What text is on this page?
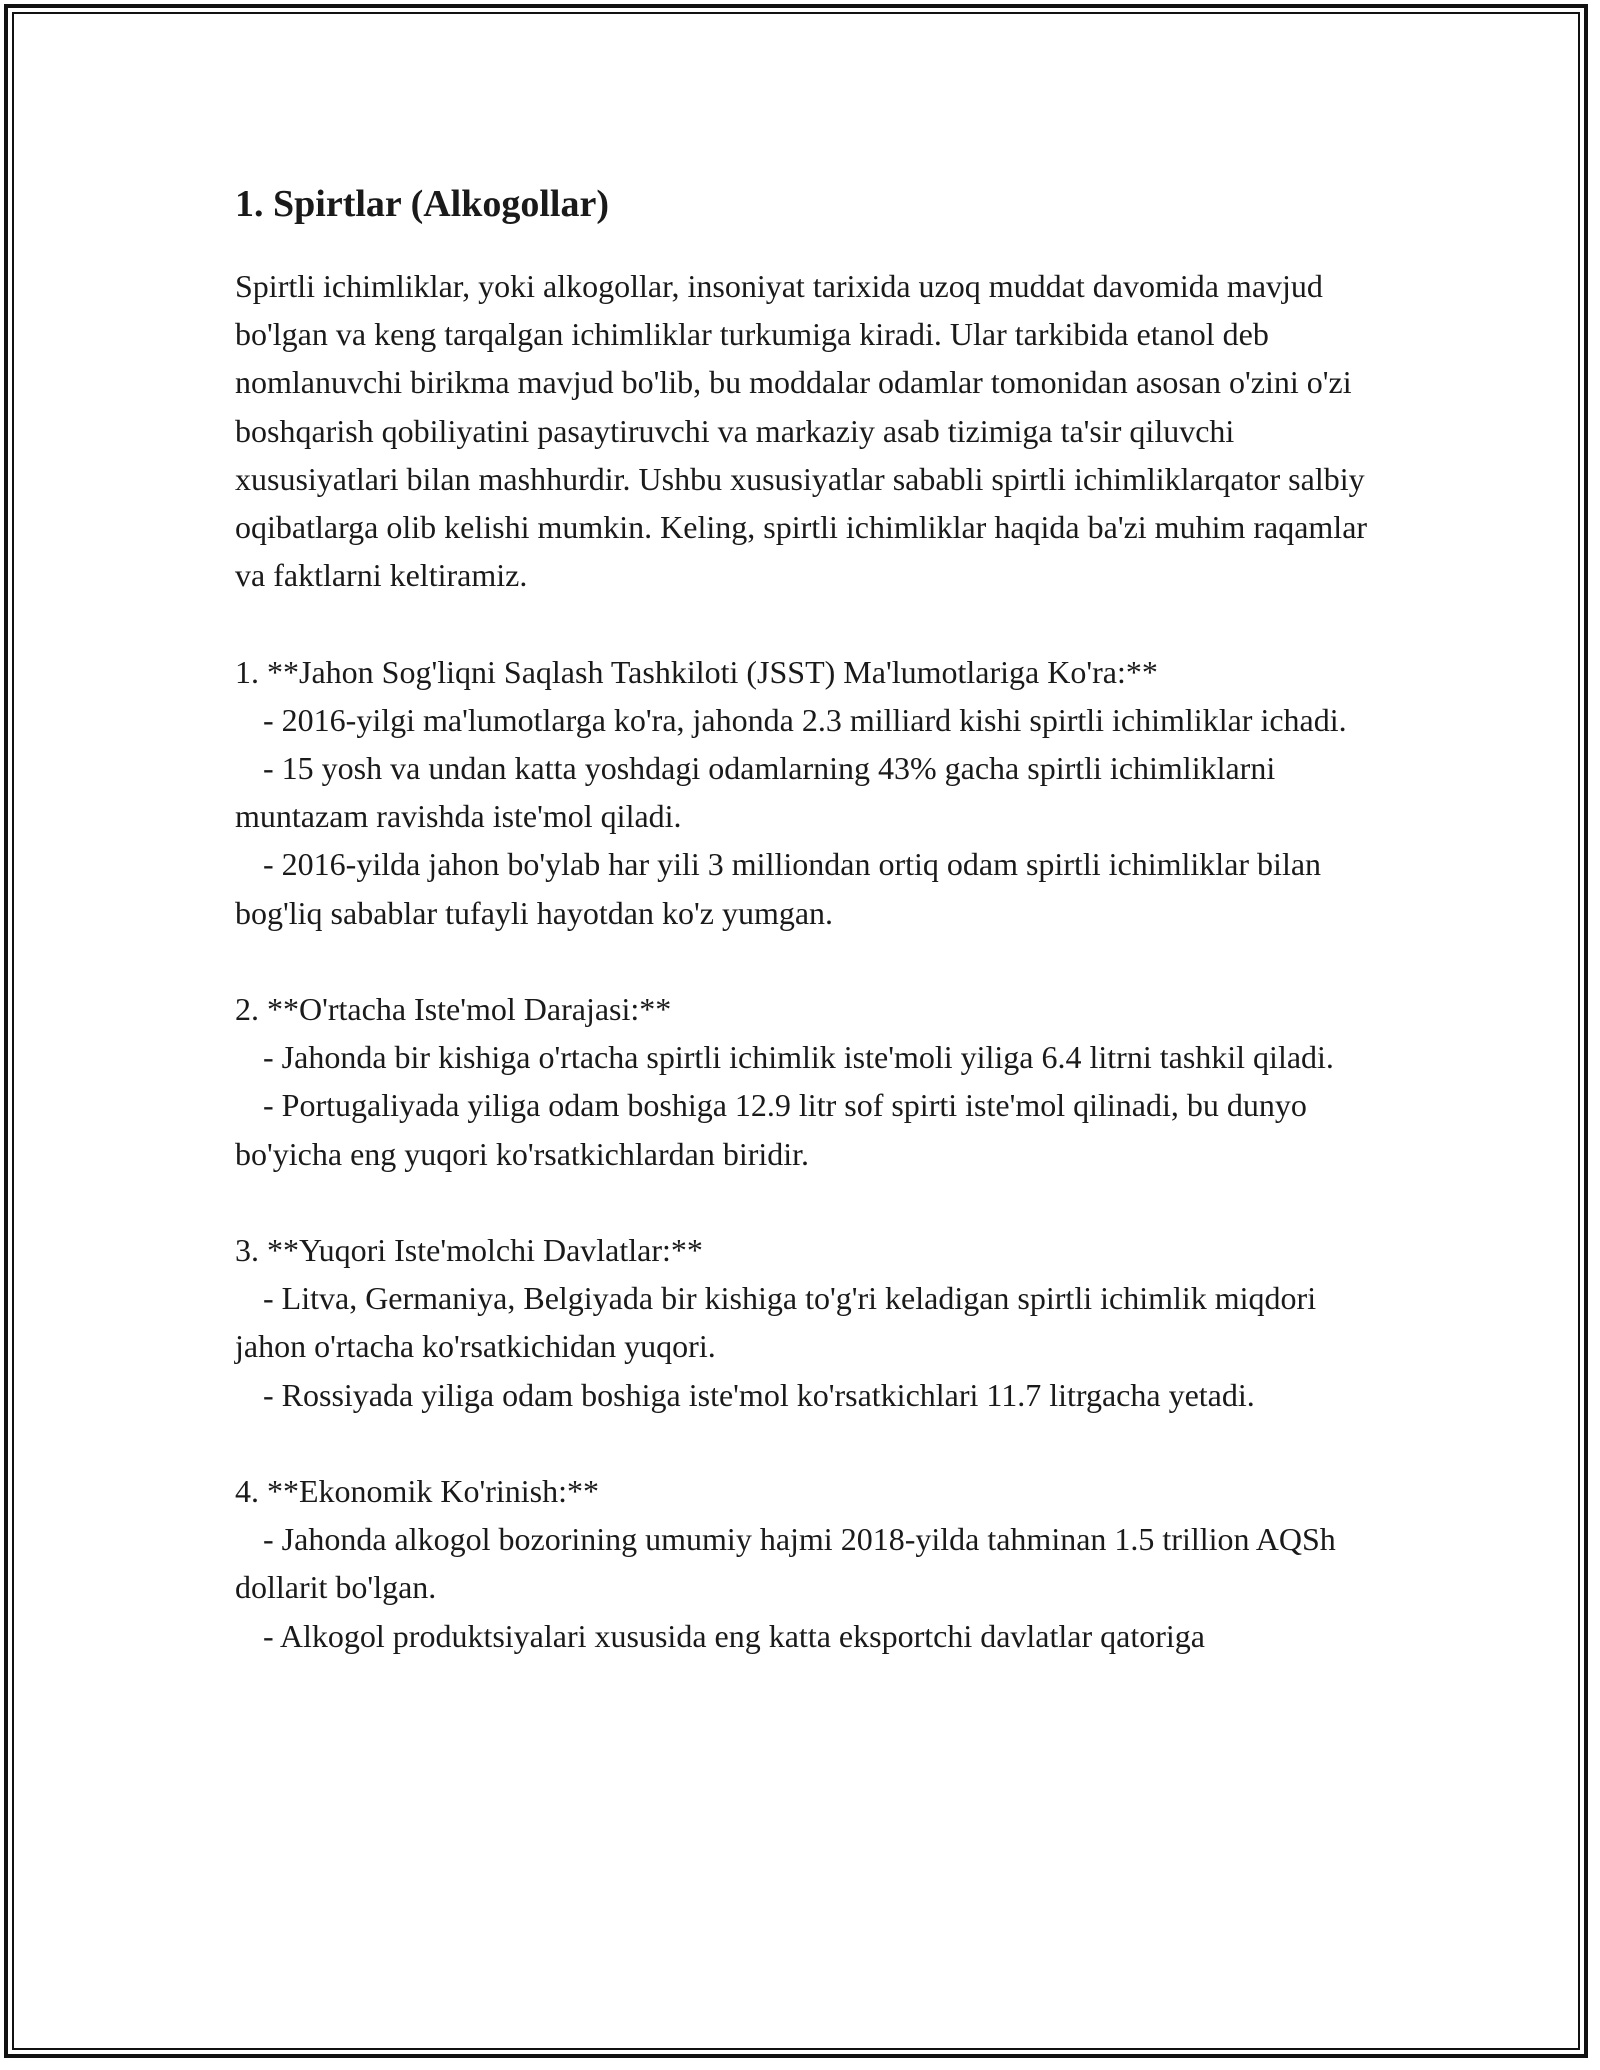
1. Spirtlar (Alkogollar)

Spirtli ichimliklar, yoki alkogollar, insoniyat tarixida uzoq muddat davomida mavjud bo'lgan va keng tarqalgan ichimliklar turkumiga kiradi. Ular tarkibida etanol deb nomlanuvchi birikma mavjud bo'lib, bu moddalar odamlar tomonidan asosan o'zini o'zi boshqarish qobiliyatini pasaytiruvchi va markaziy asab tizimiga ta'sir qiluvchi xususiyatlari bilan mashhurdir. Ushbu xususiyatlar sababli spirtli ichimliklarqator salbiy oqibatlarga olib kelishi mumkin. Keling, spirtli ichimliklar haqida ba'zi muhim raqamlar va faktlarni keltiramiz.

1. **Jahon Sog'liqni Saqlash Tashkiloti (JSST) Ma'lumotlariga Ko'ra:**

- 2016-yilgi ma'lumotlarga ko'ra, jahonda 2.3 milliard kishi spirtli ichimliklar ichadi.

- 15 yosh va undan katta yoshdagi odamlarning 43% gacha spirtli ichimliklarni muntazam ravishda iste'mol qiladi.

- 2016-yilda jahon bo'ylab har yili 3 milliondan ortiq odam spirtli ichimliklar bilan bog'liq sabablar tufayli hayotdan ko'z yumgan.

2. **O'rtacha Iste'mol Darajasi:**

- Jahonda bir kishiga o'rtacha spirtli ichimlik iste'moli yiliga 6.4 litrni tashkil qiladi.

- Portugaliyada yiliga odam boshiga 12.9 litr sof spirti iste'mol qilinadi, bu dunyo bo'yicha eng yuqori ko'rsatkichlardan biridir.

3. **Yuqori Iste'molchi Davlatlar:**

- Litva, Germaniya, Belgiyada bir kishiga to'g'ri keladigan spirtli ichimlik miqdori jahon o'rtacha ko'rsatkichidan yuqori.

- Rossiyada yiliga odam boshiga iste'mol ko'rsatkichlari 11.7 litrgacha yetadi.

4. **Ekonomik Ko'rinish:**

- Jahonda alkogol bozorining umumiy hajmi 2018-yilda tahminan 1.5 trillion AQSh dollarit bo'lgan.

- Alkogol produktsiyalari xususida eng katta eksportchi davlatlar qatoriga
